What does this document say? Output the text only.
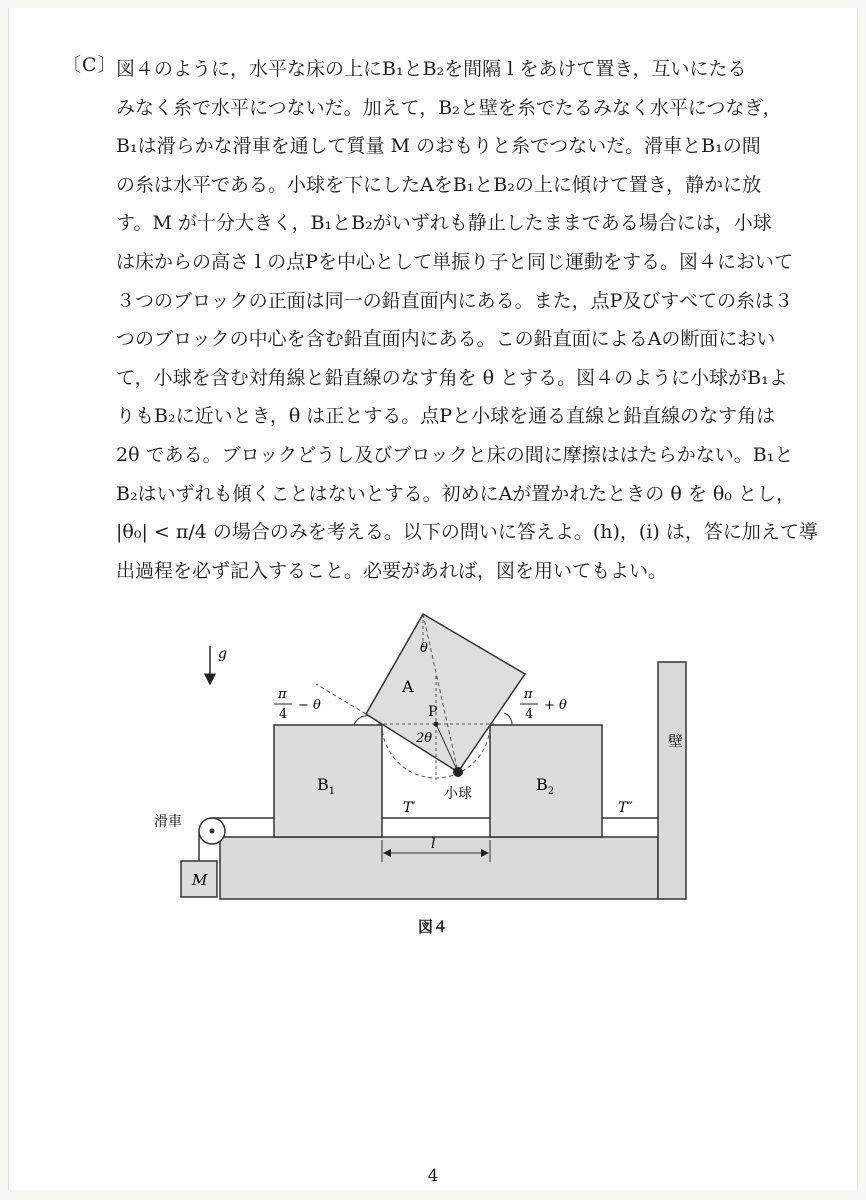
〔C〕
図４のように，水平な床の上にB₁とB₂を間隔 l をあけて置き，互いにたる
みなく糸で水平につないだ。加えて，B₂と壁を糸でたるみなく水平につなぎ，
B₁は滑らかな滑車を通して質量 M のおもりと糸でつないだ。滑車とB₁の間
の糸は水平である。小球を下にしたAをB₁とB₂の上に傾けて置き，静かに放
す。M が十分大きく，B₁とB₂がいずれも静止したままである場合には，小球
は床からの高さ l の点Pを中心として単振り子と同じ運動をする。図４において
３つのブロックの正面は同一の鉛直面内にある。また，点P及びすべての糸は３
つのブロックの中心を含む鉛直面内にある。この鉛直面によるAの断面におい
て，小球を含む対角線と鉛直線のなす角を θ とする。図４のように小球がB₁よ
りもB₂に近いとき，θ は正とする。点Pと小球を通る直線と鉛直線のなす角は
2θ である。ブロックどうし及びブロックと床の間に摩擦ははたらかない。B₁と
B₂はいずれも傾くことはないとする。初めにAが置かれたときの θ を θ₀ とし，
|θ₀| < π/4 の場合のみを考える。以下の問いに答えよ。(h)，(i) は，答に加えて導
出過程を必ず記入すること。必要があれば，図を用いてもよい。
壁
$B_1$	$B_2$
T′	T″
滑車
M
g
A
P
小球
θ
2θ
π
4
− θ
π
4
+ θ
l
図４
4
